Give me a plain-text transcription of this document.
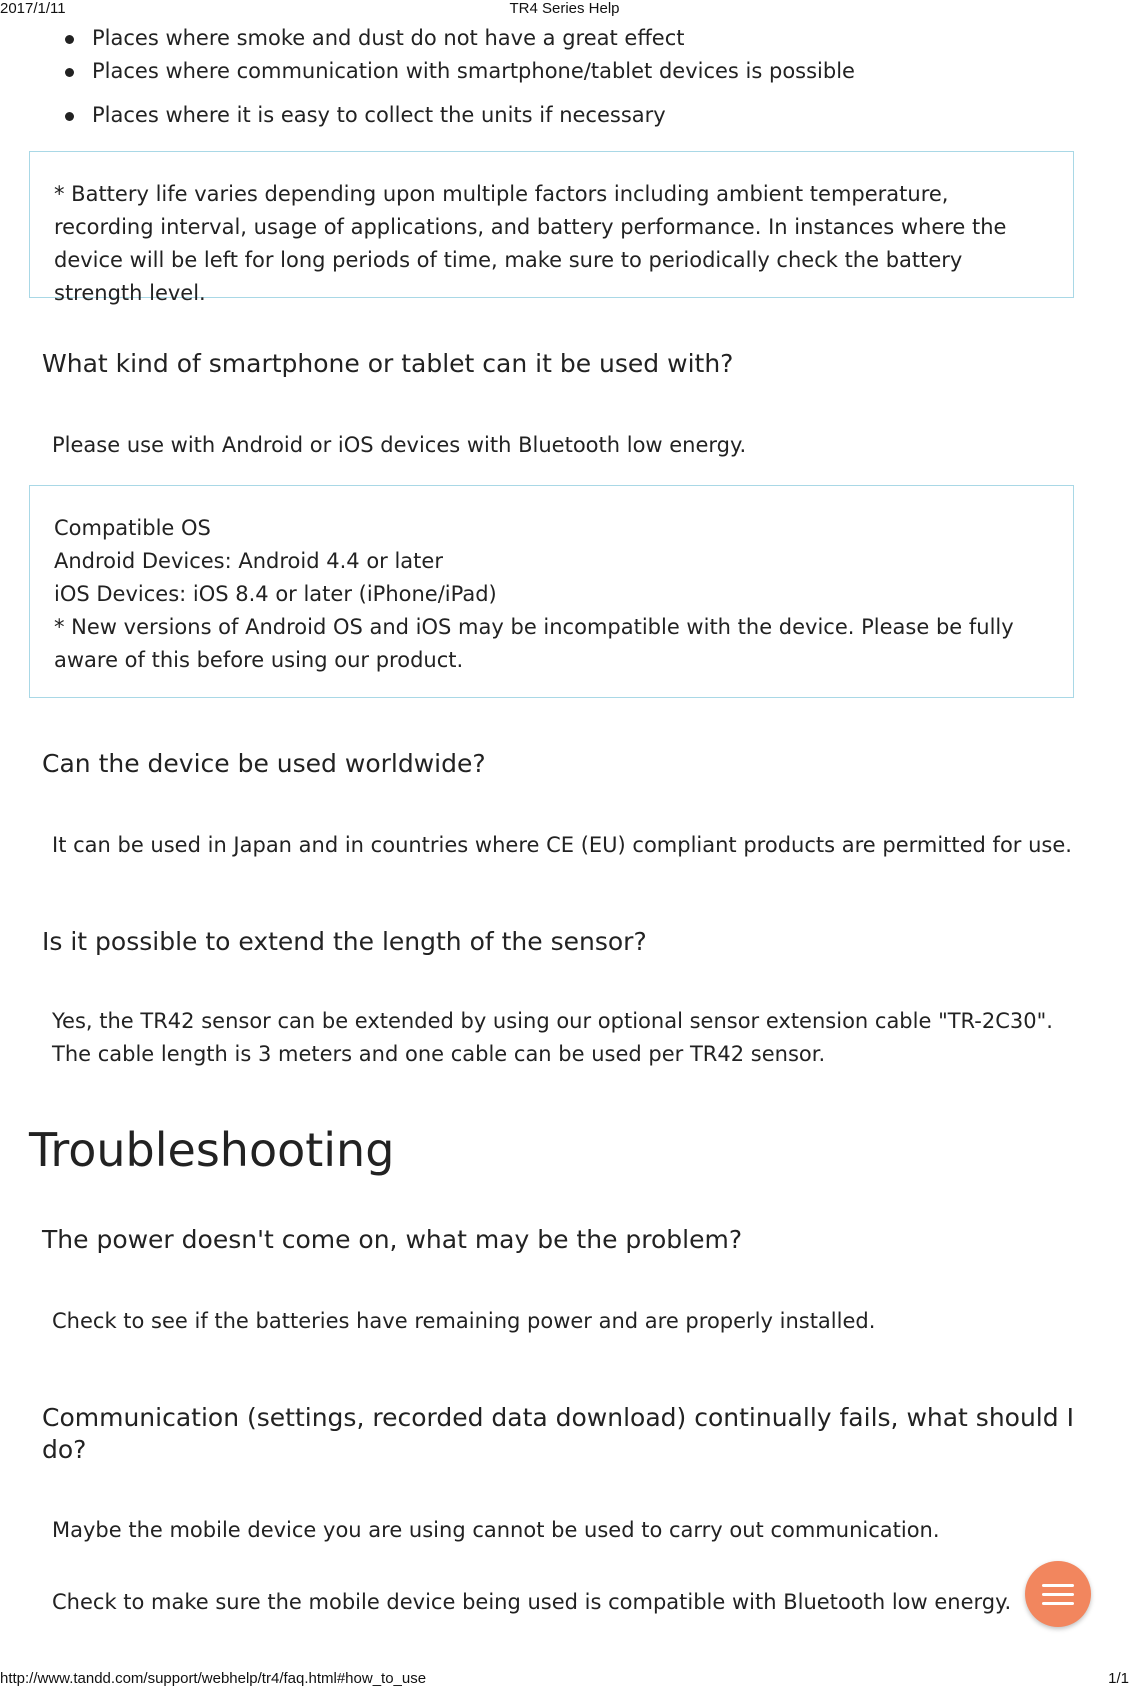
2017/1/11	TR4 Series Help
Places where smoke and dust do not have a great effect
Places where communication with smartphone/tablet devices is possible
Places where it is easy to collect the units if necessary

* Battery life varies depending upon multiple factors including ambient temperature, recording interval, usage of applications, and battery performance. In instances where the device will be left for long periods of time, make sure to periodically check the battery strength level.

What kind of smartphone or tablet can it be used with?

Please use with Android or iOS devices with Bluetooth low energy.

Compatible OS

Android Devices: Android 4.4 or later

iOS Devices: iOS 8.4 or later (iPhone/iPad)

* New versions of Android OS and iOS may be incompatible with the device. Please be fully aware of this before using our product.

Can the device be used worldwide?

It can be used in Japan and in countries where CE (EU) compliant products are permitted for use.

Is it possible to extend the length of the sensor?

Yes, the TR42 sensor can be extended by using our optional sensor extension cable "TR-2C30".

The cable length is 3 meters and one cable can be used per TR42 sensor.

Troubleshooting
The power doesn't come on, what may be the problem?

Check to see if the batteries have remaining power and are properly installed.

Communication (settings, recorded data download) continually fails, what should I do?

Maybe the mobile device you are using cannot be used to carry out communication.

Check to make sure the mobile device being used is compatible with Bluetooth low energy.

http://www.tandd.com/support/webhelp/tr4/faq.html#how_to_use	1/1
